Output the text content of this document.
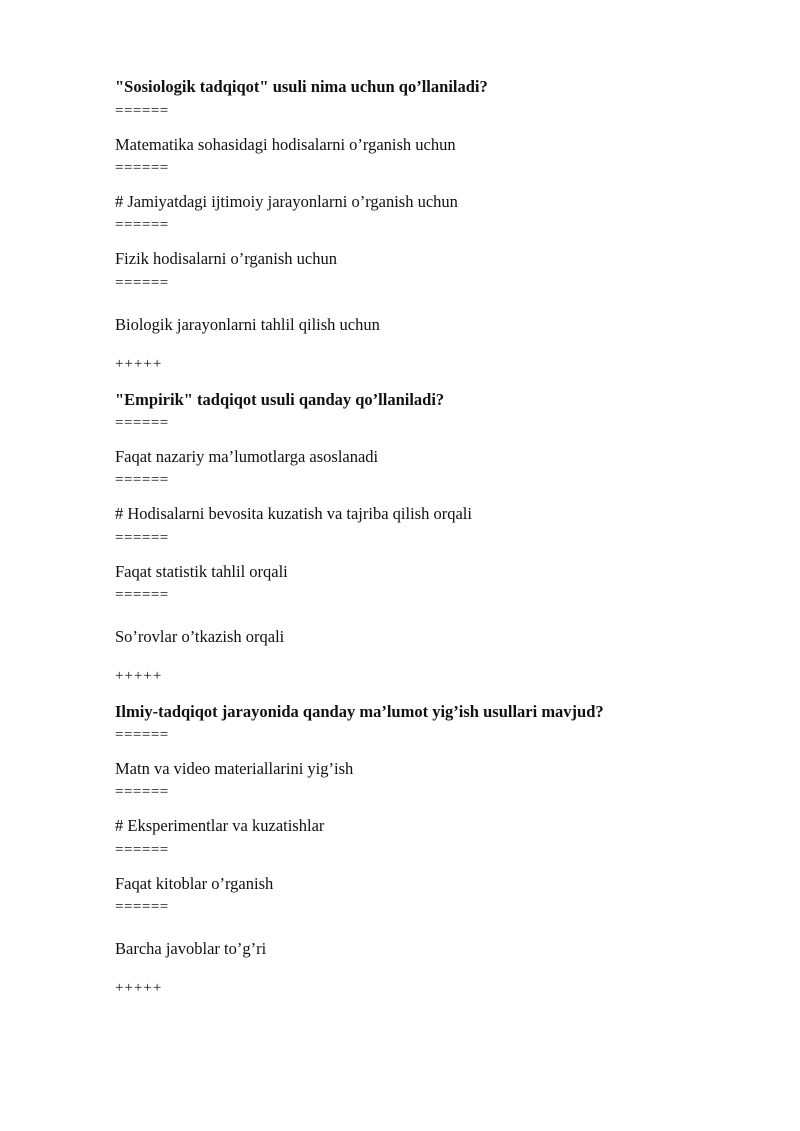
"Sosiologik tadqiqot" usuli nima uchun qo’llaniladi?
======
Matematika sohasidagi hodisalarni o’rganish uchun
======
# Jamiyatdagi ijtimoiy jarayonlarni o’rganish uchun
======
Fizik hodisalarni o’rganish uchun
======
Biologik jarayonlarni tahlil qilish uchun
+++++
"Empirik" tadqiqot usuli qanday qo’llaniladi?
======
Faqat nazariy ma’lumotlarga asoslanadi
======
# Hodisalarni bevosita kuzatish va tajriba qilish orqali
======
Faqat statistik tahlil orqali
======
So’rovlar o’tkazish orqali
+++++
Ilmiy-tadqiqot jarayonida qanday ma’lumot yig’ish usullari mavjud?
======
Matn va video materiallarini yig’ish
======
# Eksperimentlar va kuzatishlar
======
Faqat kitoblar o’rganish
======
Barcha javoblar to’g’ri
+++++
